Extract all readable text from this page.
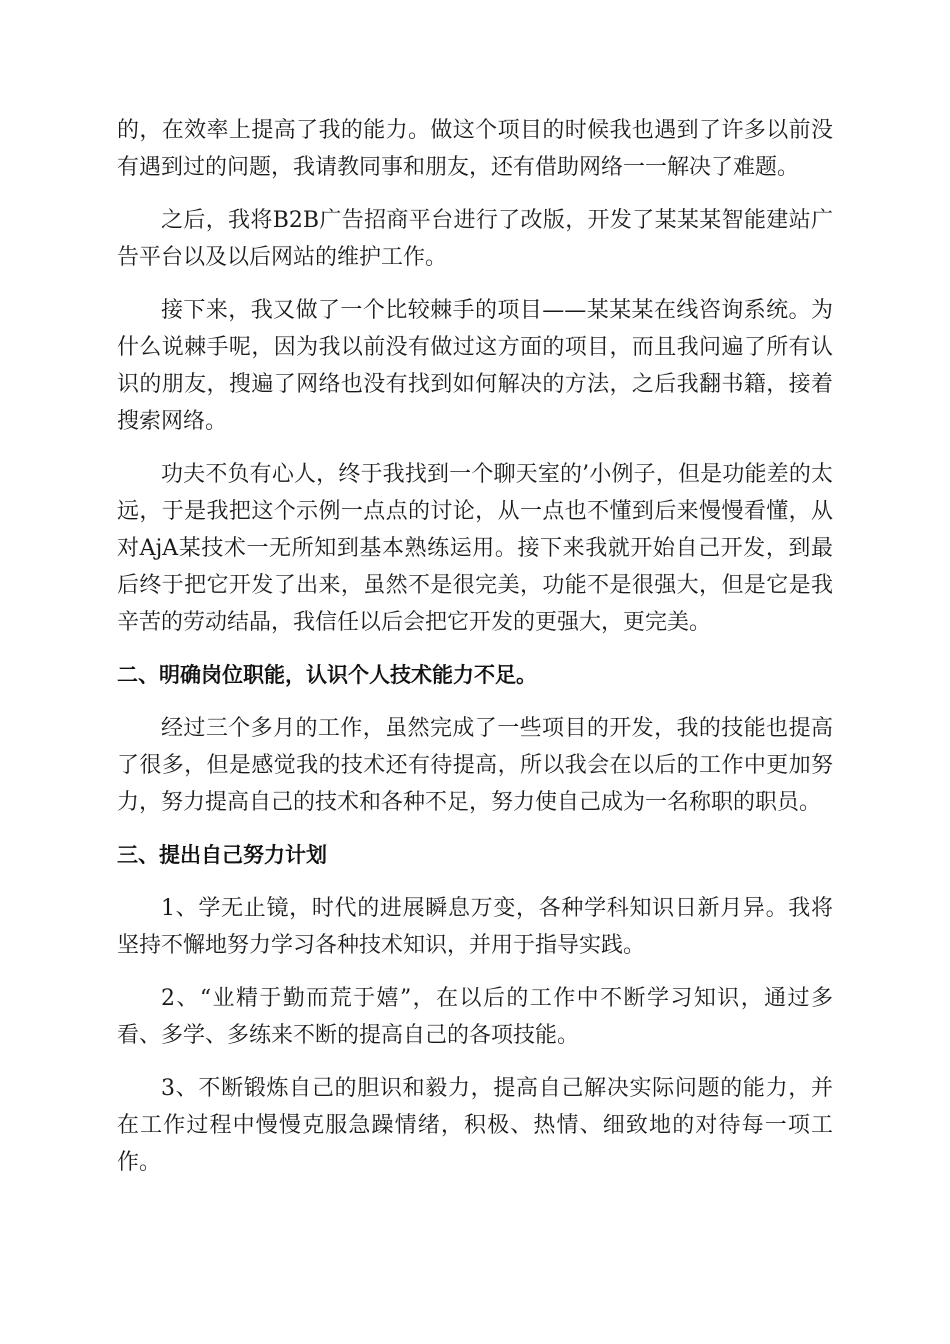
的，在效率上提高了我的能力。做这个项目的时候我也遇到了许多以前没有遇到过的问题，我请教同事和朋友，还有借助网络一一解决了难题。

之后，我将B2B广告招商平台进行了改版，开发了某某某智能建站广告平台以及以后网站的维护工作。

接下来，我又做了一个比较棘手的项目——某某某在线咨询系统。为什么说棘手呢，因为我以前没有做过这方面的项目，而且我问遍了所有认识的朋友，搜遍了网络也没有找到如何解决的方法，之后我翻书籍，接着搜索网络。

功夫不负有心人，终于我找到一个聊天室的’小例子，但是功能差的太远，于是我把这个示例一点点的讨论，从一点也不懂到后来慢慢看懂，从对AjA某技术一无所知到基本熟练运用。接下来我就开始自己开发，到最后终于把它开发了出来，虽然不是很完美，功能不是很强大，但是它是我辛苦的劳动结晶，我信任以后会把它开发的更强大，更完美。

二、明确岗位职能，认识个人技术能力不足。

经过三个多月的工作，虽然完成了一些项目的开发，我的技能也提高了很多，但是感觉我的技术还有待提高，所以我会在以后的工作中更加努力，努力提高自己的技术和各种不足，努力使自己成为一名称职的职员。

三、提出自己努力计划

1、学无止镜，时代的进展瞬息万变，各种学科知识日新月异。我将坚持不懈地努力学习各种技术知识，并用于指导实践。

2、“业精于勤而荒于嬉”，在以后的工作中不断学习知识，通过多看、多学、多练来不断的提高自己的各项技能。

3、不断锻炼自己的胆识和毅力，提高自己解决实际问题的能力，并在工作过程中慢慢克服急躁情绪，积极、热情、细致地的对待每一项工作。
